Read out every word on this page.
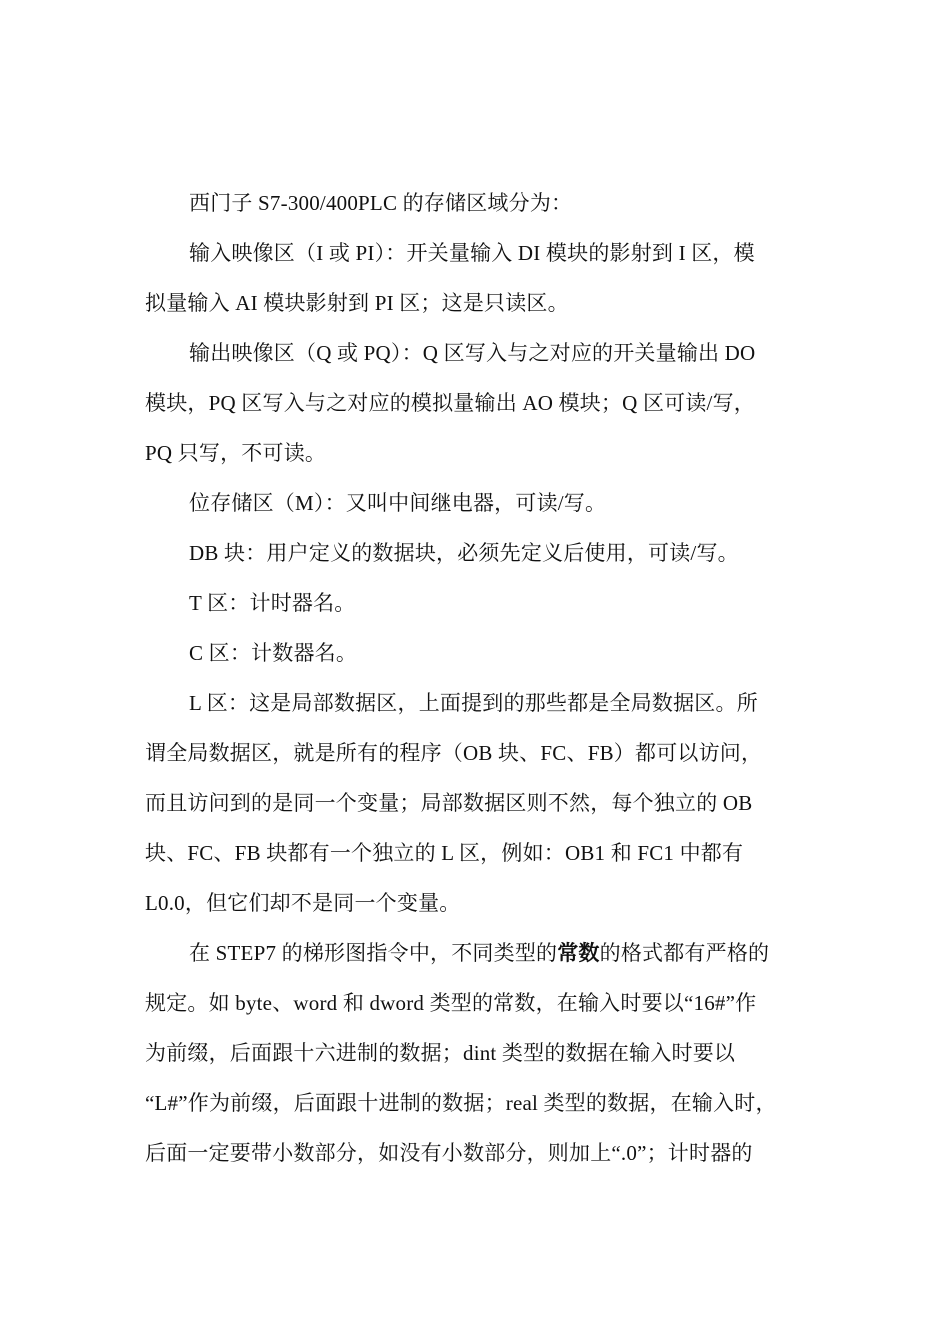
西门子 S7-300/400PLC 的存储区域分为：
输入映像区（I 或 PI）：开关量输入 DI 模块的影射到 I 区，模
拟量输入 AI 模块影射到 PI 区；这是只读区。
输出映像区（Q 或 PQ）：Q 区写入与之对应的开关量输出 DO
模块，PQ 区写入与之对应的模拟量输出 AO 模块；Q 区可读/写，
PQ 只写，不可读。
位存储区（M）：又叫中间继电器，可读/写。
DB 块：用户定义的数据块，必须先定义后使用，可读/写。
T 区：计时器名。
C 区：计数器名。
L 区：这是局部数据区，上面提到的那些都是全局数据区。所
谓全局数据区，就是所有的程序（OB 块、FC、FB）都可以访问，
而且访问到的是同一个变量；局部数据区则不然，每个独立的 OB
块、FC、FB 块都有一个独立的 L 区，例如：OB1 和 FC1 中都有
L0.0，但它们却不是同一个变量。
在 STEP7 的梯形图指令中，不同类型的常数的格式都有严格的
规定。如 byte、word 和 dword 类型的常数，在输入时要以“16#”作
为前缀，后面跟十六进制的数据；dint 类型的数据在输入时要以
“L#”作为前缀，后面跟十进制的数据；real 类型的数据，在输入时，
后面一定要带小数部分，如没有小数部分，则加上“.0”；计时器的
